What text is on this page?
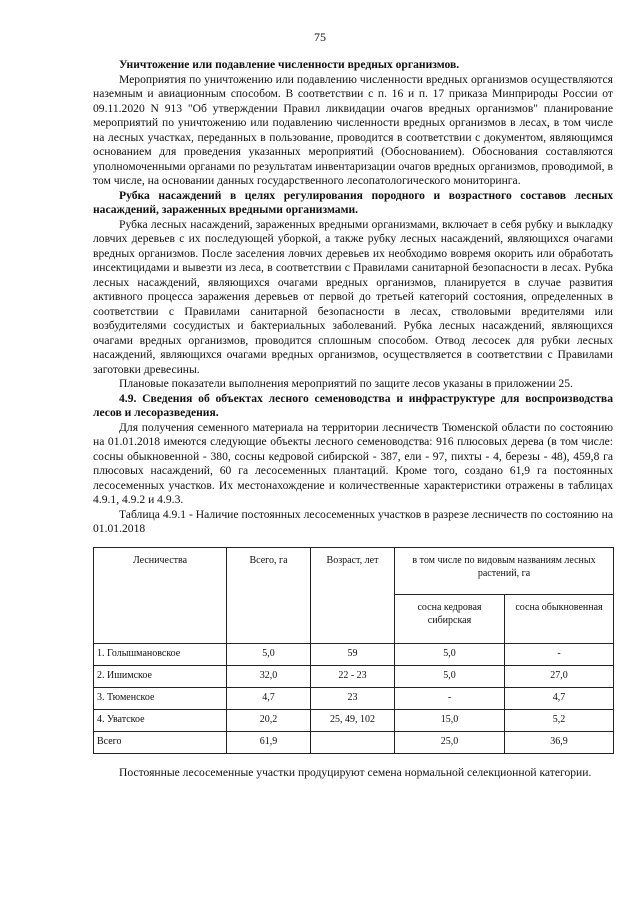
75

Уничтожение или подавление численности вредных организмов.

Мероприятия по уничтожению или подавлению численности вредных организмов осуществляются наземным и авиационным способом. В соответствии с п. 16 и п. 17 приказа Минприроды России от 09.11.2020 N 913 "Об утверждении Правил ликвидации очагов вредных организмов" планирование мероприятий по уничтожению или подавлению численности вредных организмов в лесах, в том числе на лесных участках, переданных в пользование, проводится в соответствии с документом, являющимся основанием для проведения указанных мероприятий (Обоснованием). Обоснования составляются уполномоченными органами по результатам инвентаризации очагов вредных организмов, проводимой, в том числе, на основании данных государственного лесопатологического мониторинга.

Рубка насаждений в целях регулирования породного и возрастного составов лесных насаждений, зараженных вредными организмами.

Рубка лесных насаждений, зараженных вредными организмами, включает в себя рубку и выкладку ловчих деревьев с их последующей уборкой, а также рубку лесных насаждений, являющихся очагами вредных организмов. После заселения ловчих деревьев их необходимо вовремя окорить или обработать инсектицидами и вывезти из леса, в соответствии с Правилами санитарной безопасности в лесах. Рубка лесных насаждений, являющихся очагами вредных организмов, планируется в случае развития активного процесса заражения деревьев от первой до третьей категорий состояния, определенных в соответствии с Правилами санитарной безопасности в лесах, стволовыми вредителями или возбудителями сосудистых и бактериальных заболеваний. Рубка лесных насаждений, являющихся очагами вредных организмов, проводится сплошным способом. Отвод лесосек для рубки лесных насаждений, являющихся очагами вредных организмов, осуществляется в соответствии с Правилами заготовки древесины.

Плановые показатели выполнения мероприятий по защите лесов указаны в приложении 25.

4.9. Сведения об объектах лесного семеноводства и инфраструктуре для воспроизводства лесов и лесоразведения.

Для получения семенного материала на территории лесничеств Тюменской области по состоянию на 01.01.2018 имеются следующие объекты лесного семеноводства: 916 плюсовых дерева (в том числе: сосны обыкновенной - 380, сосны кедровой сибирской - 387, ели - 97, пихты - 4, березы - 48), 459,8 га плюсовых насаждений, 60 га лесосеменных плантаций. Кроме того, создано 61,9 га постоянных лесосеменных участков. Их местонахождение и количественные характеристики отражены в таблицах 4.9.1, 4.9.2 и 4.9.3.

Таблица 4.9.1 - Наличие постоянных лесосеменных участков в разрезе лесничеств по состоянию на 01.01.2018

Лесничества	Всего, га	Возраст, лет	в том числе по видовым названиям лесных растений, га	
			сосна кедровая сибирская	сосна обыкновенная
1. Голышмановское	5,0	59	5,0	-
2. Ишимское	32,0	22 - 23	5,0	27,0
3. Тюменское	4,7	23	-	4,7
4. Уватское	20,2	25, 49, 102	15,0	5,2
Всего	61,9		25,0	36,9

Постоянные лесосеменные участки продуцируют семена нормальной селекционной категории.
